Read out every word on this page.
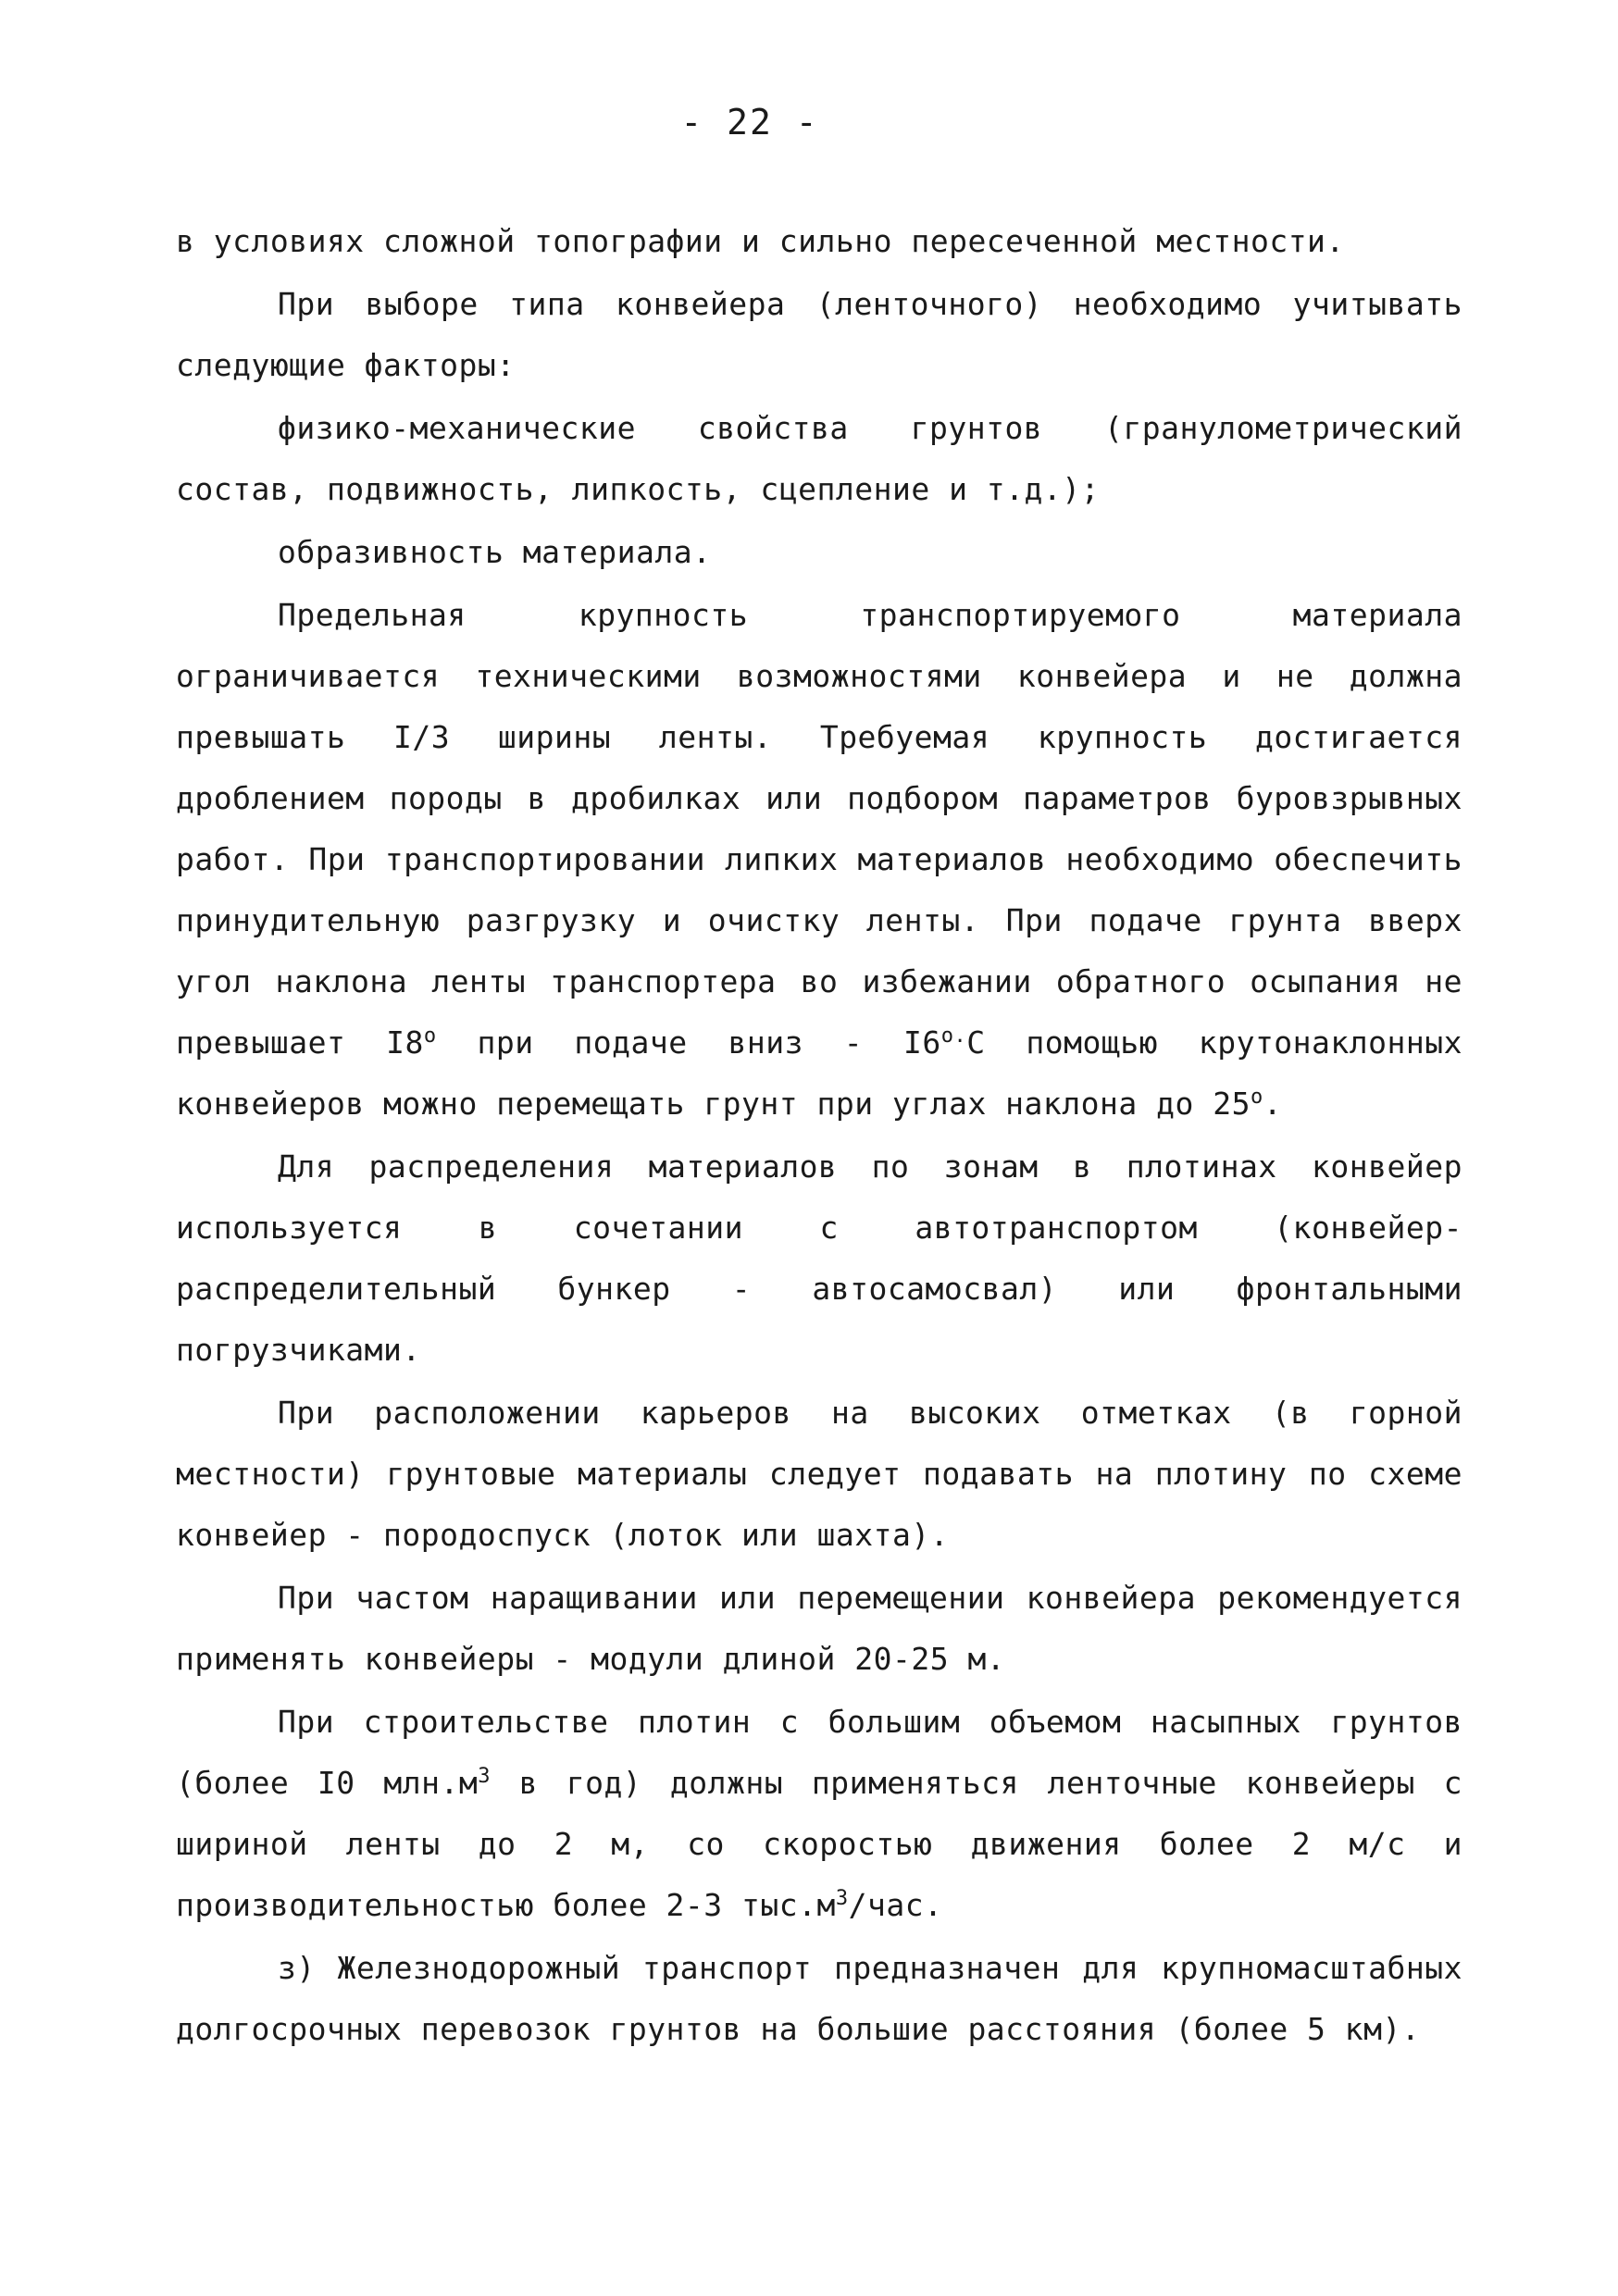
- 22 -

в условиях сложной топографии и сильно пересеченной местности.

При выборе типа конвейера (ленточного) необходимо учитывать следующие факторы:

физико-механические свойства грунтов (гранулометрический состав, подвижность, липкость, сцепление и т.д.);

образивность материала.

Предельная крупность транспортируемого материала ограничивается техническими возможностями конвейера и не должна превышать I/3 ширины ленты. Требуемая крупность достигается дроблением породы в дробилках или подбором параметров буровзрывных работ. При транспортировании липких материалов необходимо обеспечить принудительную разгрузку и очистку ленты. При подаче грунта вверх угол наклона ленты транспортера во избежании обратного осыпания не превышает $I8^о$ при подаче вниз - $I6^{о.}С$ помощью крутонаклонных конвейеров можно перемещать грунт при углах наклона до $25^о$.

Для распределения материалов по зонам в плотинах конвейер используется в сочетании с автотранспортом (конвейер-распределительный бункер - автосамосвал) или фронтальными погрузчиками.

При расположении карьеров на высоких отметках (в горной местности) грунтовые материалы следует подавать на плотину по схеме конвейер - породоспуск (лоток или шахта).

При частом наращивании или перемещении конвейера рекомендуется применять конвейеры - модули длиной 20-25 м.

При строительстве плотин с большим объемом насыпных грунтов (более I0 $млн.м^3$ в год) должны применяться ленточные конвейеры с шириной ленты до 2 м, со скоростью движения более 2 м/с и производительностью более 2-3 $тыс.м^3$/час.

з) Железнодорожный транспорт предназначен для крупномасштабных долгосрочных перевозок грунтов на большие расстояния (более 5 км).
